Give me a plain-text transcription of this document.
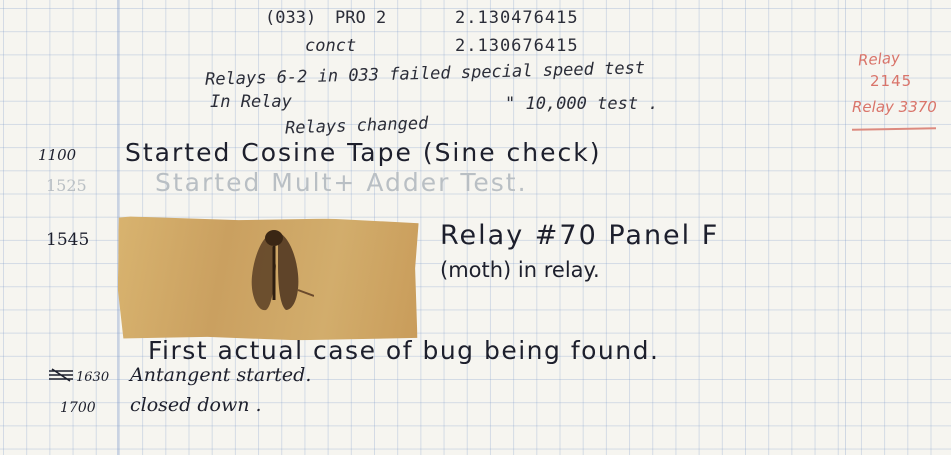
(033) PRO 2	2.130476415
conct	2.130676415
Relays 6-2 in 033 failed special speed test
In Relay	" 10,000 test .
Relays changed
1100 Started Cosine Tape (Sine check)
1525	Started Mult+ Adder Test.
1545	Relay #70 Panel F
(moth) in relay.
First actual case of bug being found.
1630 Antangent started.
1700 closed down .
Relay
2145
Relay 3370
